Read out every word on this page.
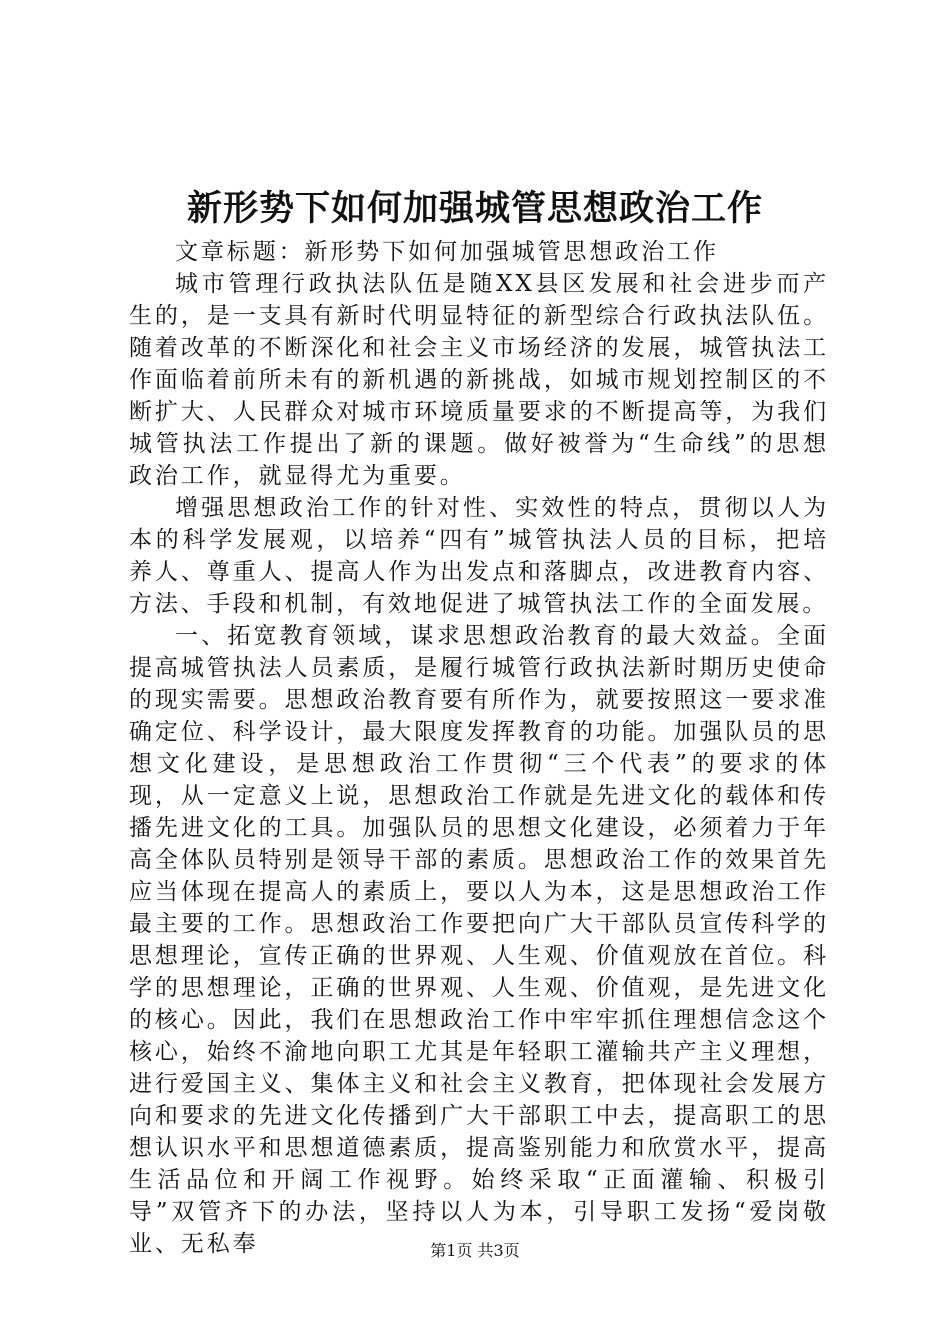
新形势下如何加强城管思想政治工作

文章标题：新形势下如何加强城管思想政治工作

城市管理行政执法队伍是随XX县区发展和社会进步而产生的，是一支具有新时代明显特征的新型综合行政执法队伍。随着改革的不断深化和社会主义市场经济的发展，城管执法工作面临着前所未有的新机遇的新挑战，如城市规划控制区的不断扩大、人民群众对城市环境质量要求的不断提高等，为我们城管执法工作提出了新的课题。做好被誉为“生命线”的思想政治工作，就显得尤为重要。

增强思想政治工作的针对性、实效性的特点，贯彻以人为本的科学发展观，以培养“四有”城管执法人员的目标，把培养人、尊重人、提高人作为出发点和落脚点，改进教育内容、方法、手段和机制，有效地促进了城管执法工作的全面发展。

一、拓宽教育领域，谋求思想政治教育的最大效益。全面提高城管执法人员素质，是履行城管行政执法新时期历史使命的现实需要。思想政治教育要有所作为，就要按照这一要求准确定位、科学设计，最大限度发挥教育的功能。加强队员的思想文化建设，是思想政治工作贯彻“三个代表”的要求的体现，从一定意义上说，思想政治工作就是先进文化的载体和传播先进文化的工具。加强队员的思想文化建设，必须着力于年高全体队员特别是领导干部的素质。思想政治工作的效果首先应当体现在提高人的素质上，要以人为本，这是思想政治工作最主要的工作。思想政治工作要把向广大干部队员宣传科学的思想理论，宣传正确的世界观、人生观、价值观放在首位。科学的思想理论，正确的世界观、人生观、价值观，是先进文化的核心。因此，我们在思想政治工作中牢牢抓住理想信念这个核心，始终不渝地向职工尤其是年轻职工灌输共产主义理想，进行爱国主义、集体主义和社会主义教育，把体现社会发展方向和要求的先进文化传播到广大干部职工中去，提高职工的思想认识水平和思想道德素质，提高鉴别能力和欣赏水平，提高生活品位和开阔工作视野。始终采取“正面灌输、积极引导”双管齐下的办法，坚持以人为本，引导职工发扬“爱岗敬业、无私奉	第1页 共3页
